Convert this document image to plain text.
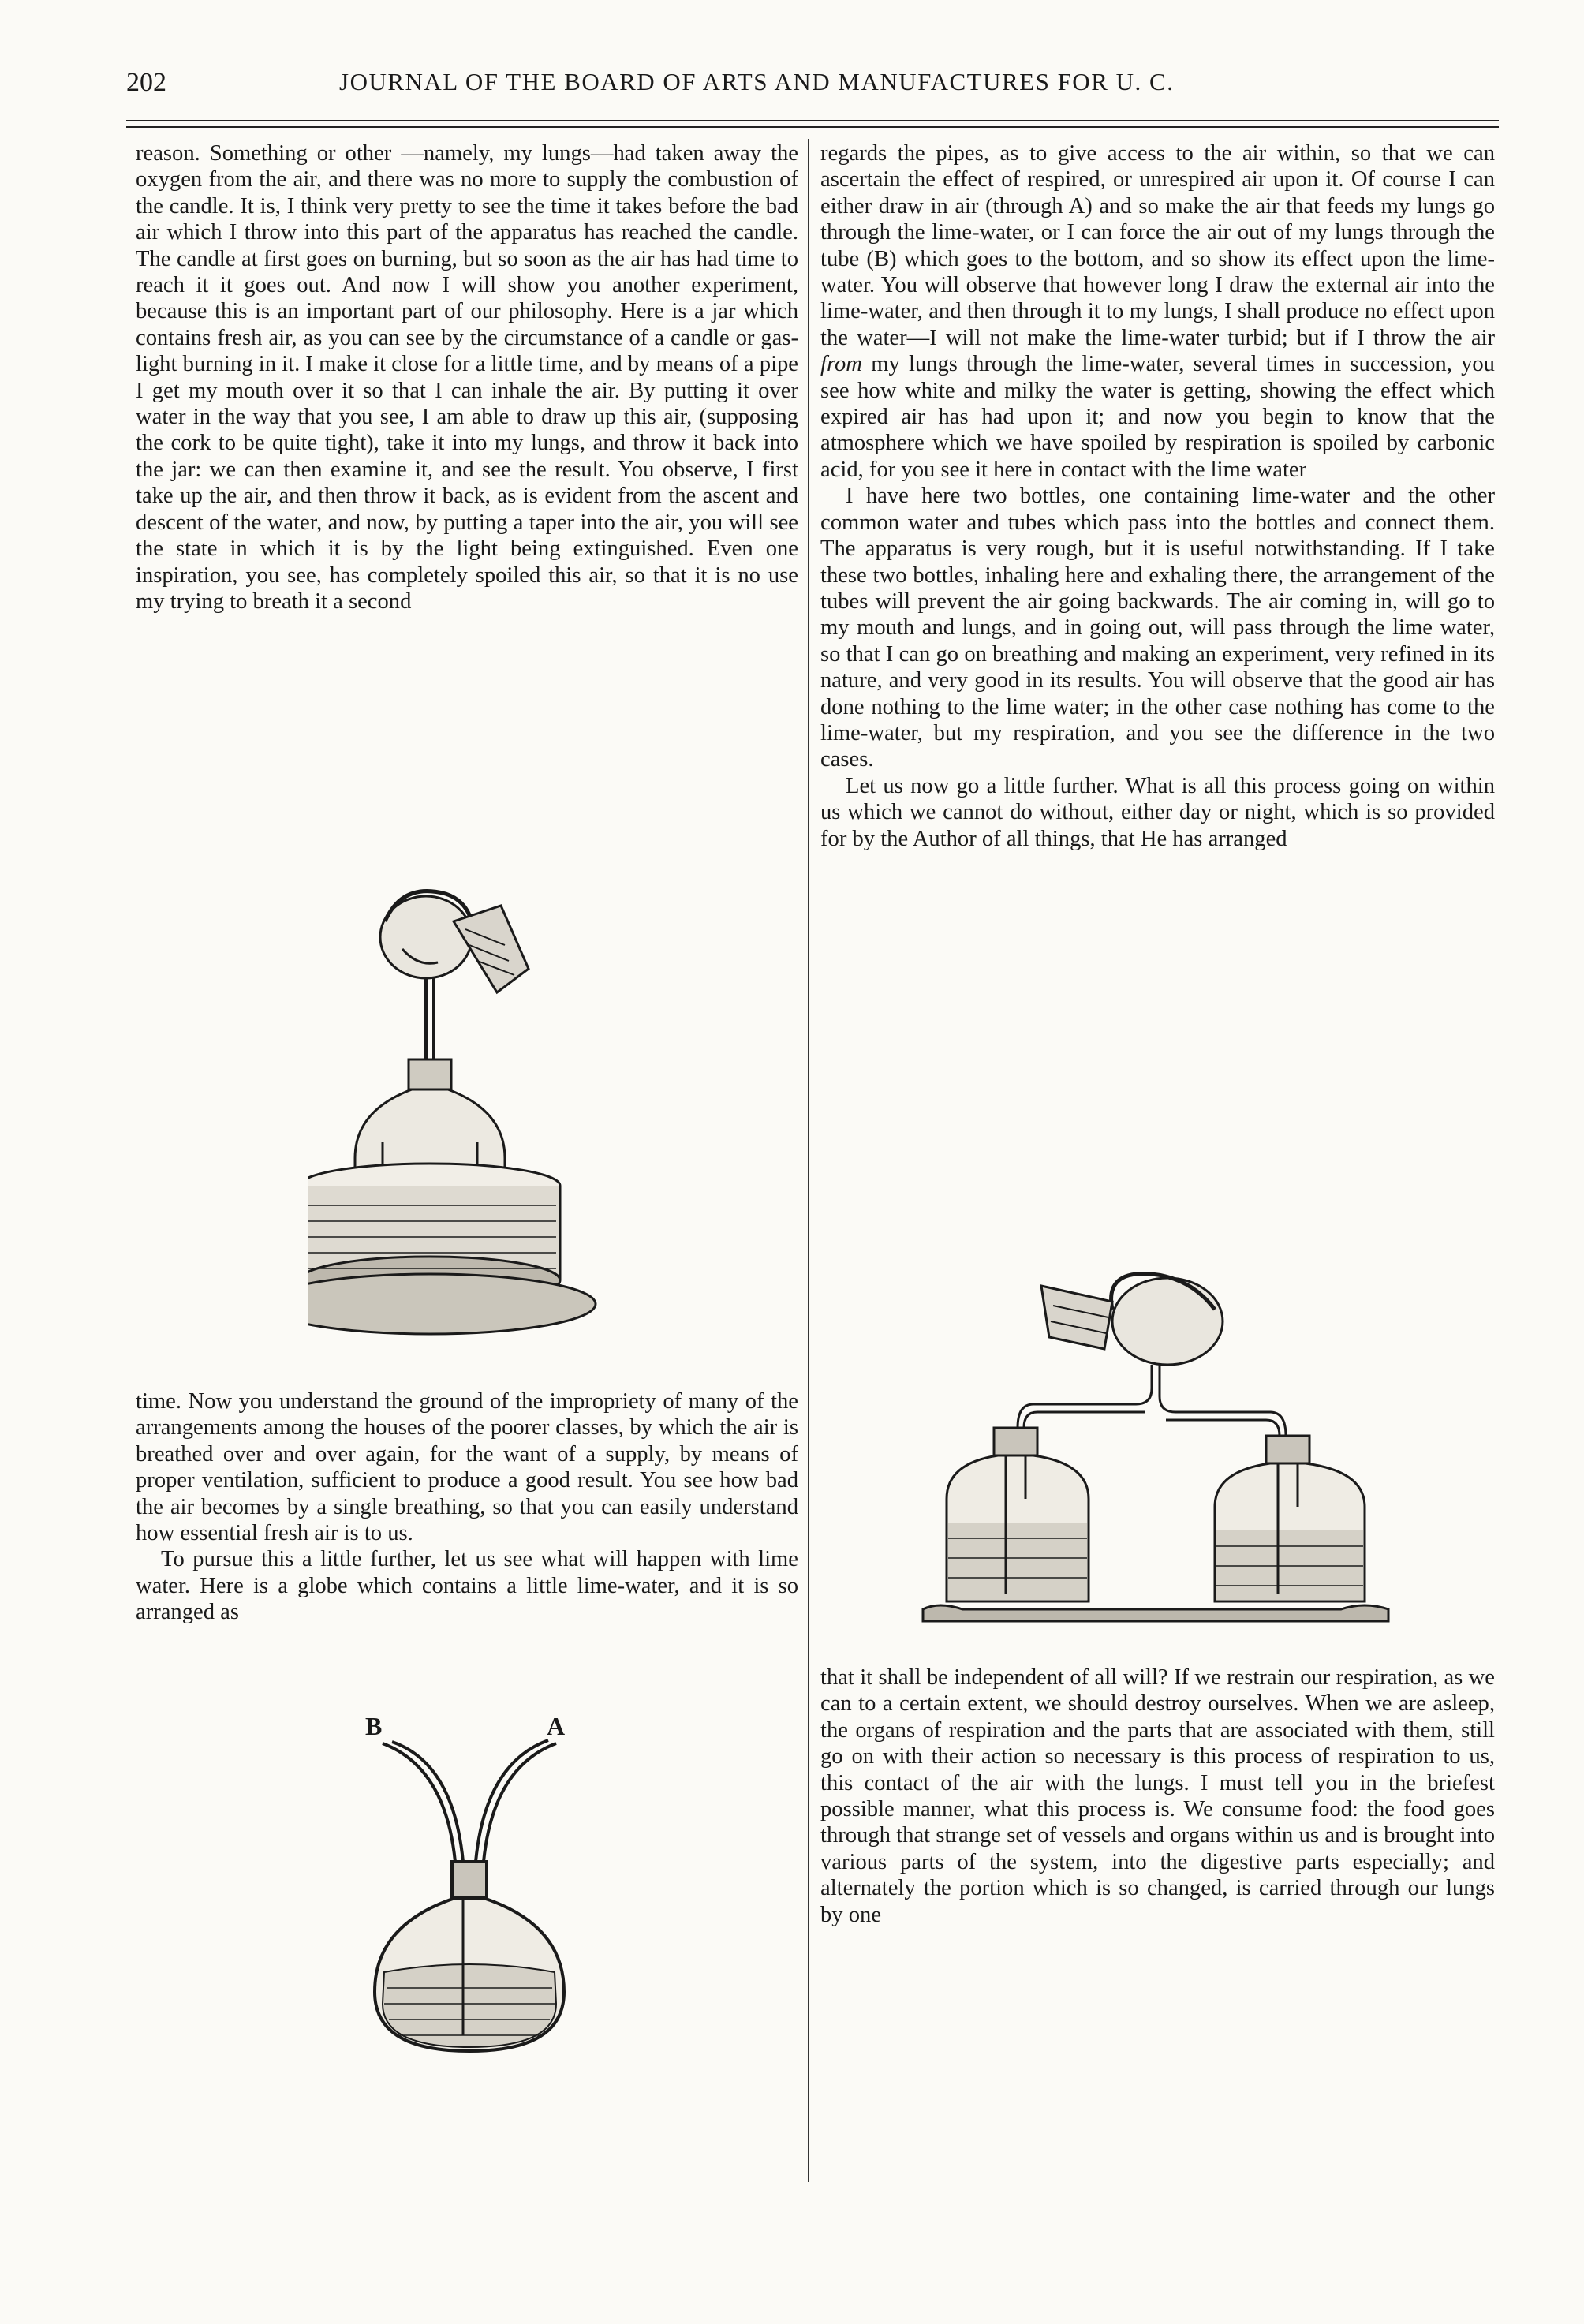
202	JOURNAL OF THE BOARD OF ARTS AND MANUFACTURES FOR U. C.

reason. Something or other —namely, my lungs—had taken away the oxygen from the air, and there was no more to supply the combustion of the candle. It is, I think very pretty to see the time it takes before the bad air which I throw into this part of the apparatus has reached the candle. The candle at first goes on burning, but so soon as the air has had time to reach it it goes out. And now I will show you another experiment, because this is an important part of our philosophy. Here is a jar which contains fresh air, as you can see by the circumstance of a candle or gas-light burning in it. I make it close for a little time, and by means of a pipe I get my mouth over it so that I can inhale the air. By putting it over water in the way that you see, I am able to draw up this air, (supposing the cork to be quite tight), take it into my lungs, and throw it back into the jar: we can then examine it, and see the result. You observe, I first take up the air, and then throw it back, as is evident from the ascent and descent of the water, and now, by putting a taper into the air, you will see the state in which it is by the light being extinguished. Even one inspiration, you see, has completely spoiled this air, so that it is no use my trying to breath it a second

time. Now you understand the ground of the impropriety of many of the arrangements among the houses of the poorer classes, by which the air is breathed over and over again, for the want of a supply, by means of proper ventilation, sufficient to produce a good result. You see how bad the air becomes by a single breathing, so that you can easily understand how essential fresh air is to us.

To pursue this a little further, let us see what will happen with lime water. Here is a globe which contains a little lime-water, and it is so arranged as

B	A

regards the pipes, as to give access to the air within, so that we can ascertain the effect of respired, or unrespired air upon it. Of course I can either draw in air (through A) and so make the air that feeds my lungs go through the lime-water, or I can force the air out of my lungs through the tube (B) which goes to the bottom, and so show its effect upon the lime-water. You will observe that however long I draw the external air into the lime-water, and then through it to my lungs, I shall produce no effect upon the water—I will not make the lime-water turbid; but if I throw the air from my lungs through the lime-water, several times in succession, you see how white and milky the water is getting, showing the effect which expired air has had upon it; and now you begin to know that the atmosphere which we have spoiled by respiration is spoiled by carbonic acid, for you see it here in contact with the lime water

I have here two bottles, one containing lime-water and the other common water and tubes which pass into the bottles and connect them. The apparatus is very rough, but it is useful notwithstanding. If I take these two bottles, inhaling here and exhaling there, the arrangement of the tubes will prevent the air going backwards. The air coming in, will go to my mouth and lungs, and in going out, will pass through the lime water, so that I can go on breathing and making an experiment, very refined in its nature, and very good in its results. You will observe that the good air has done nothing to the lime water; in the other case nothing has come to the lime-water, but my respiration, and you see the difference in the two cases.

Let us now go a little further. What is all this process going on within us which we cannot do without, either day or night, which is so provided for by the Author of all things, that He has arranged

that it shall be independent of all will? If we restrain our respiration, as we can to a certain extent, we should destroy ourselves. When we are asleep, the organs of respiration and the parts that are associated with them, still go on with their action so necessary is this process of respiration to us, this contact of the air with the lungs. I must tell you in the briefest possible manner, what this process is. We consume food: the food goes through that strange set of vessels and organs within us and is brought into various parts of the system, into the digestive parts especially; and alternately the portion which is so changed, is carried through our lungs by one
